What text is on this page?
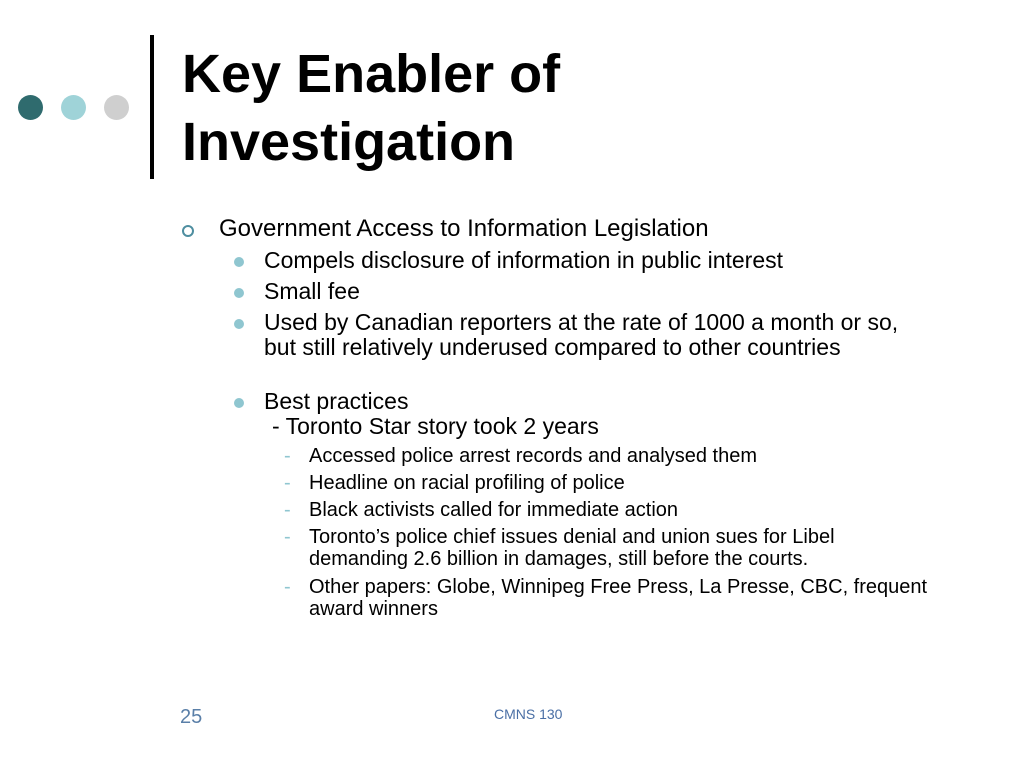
Key Enabler of
Investigation
Government Access to Information Legislation
Compels disclosure of information in public interest
Small fee
Used by Canadian reporters at the rate of 1000 a month or so, but still relatively underused compared to other countries
Best practices
- Toronto Star story took 2 years
- Accessed police arrest records and analysed them
- Headline on racial profiling of police
- Black activists called for immediate action
- Toronto’s police chief issues denial and union sues for Libel demanding 2.6 billion in damages, still before the courts.
- Other papers: Globe, Winnipeg Free Press, La Presse, CBC, frequent award winners
25	CMNS 130
